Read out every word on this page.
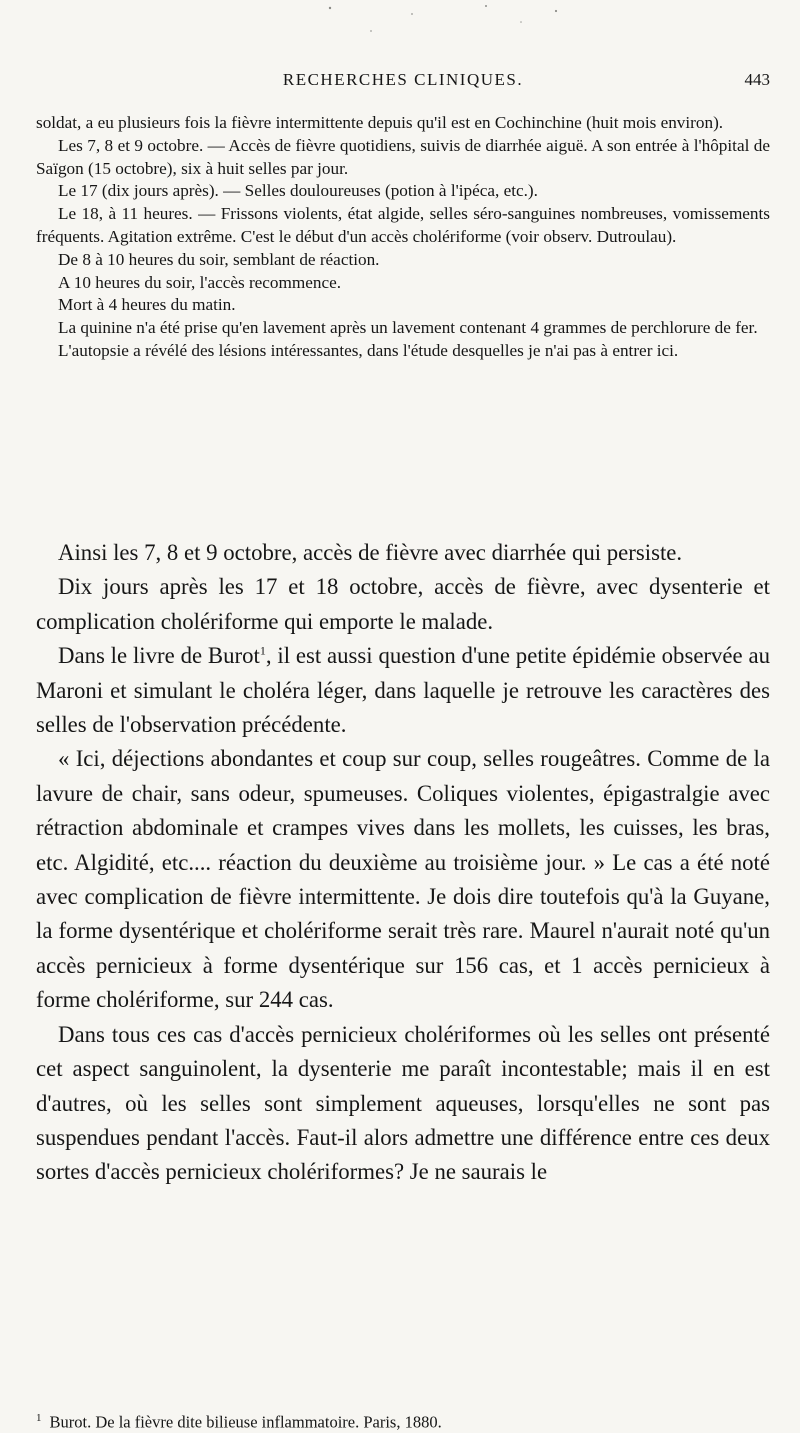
RECHERCHES CLINIQUES.	443

soldat, a eu plusieurs fois la fièvre intermittente depuis qu'il est en Cochinchine (huit mois environ).

Les 7, 8 et 9 octobre. — Accès de fièvre quotidiens, suivis de diarrhée aiguë. A son entrée à l'hôpital de Saïgon (15 octobre), six à huit selles par jour.

Le 17 (dix jours après). — Selles douloureuses (potion à l'ipéca, etc.).

Le 18, à 11 heures. — Frissons violents, état algide, selles séro-sanguines nombreuses, vomissements fréquents. Agitation extrême. C'est le début d'un accès cholériforme (voir observ. Dutroulau).

De 8 à 10 heures du soir, semblant de réaction.

A 10 heures du soir, l'accès recommence.

Mort à 4 heures du matin.

La quinine n'a été prise qu'en lavement après un lavement contenant 4 grammes de perchlorure de fer.

L'autopsie a révélé des lésions intéressantes, dans l'étude desquelles je n'ai pas à entrer ici.

Ainsi les 7, 8 et 9 octobre, accès de fièvre avec diarrhée qui persiste.

Dix jours après les 17 et 18 octobre, accès de fièvre, avec dysenterie et complication cholériforme qui emporte le malade.

Dans le livre de Burot$^1$, il est aussi question d'une petite épidémie observée au Maroni et simulant le choléra léger, dans laquelle je retrouve les caractères des selles de l'observation précédente.

« Ici, déjections abondantes et coup sur coup, selles rougeâtres. Comme de la lavure de chair, sans odeur, spumeuses. Coliques violentes, épigastralgie avec rétraction abdominale et crampes vives dans les mollets, les cuisses, les bras, etc. Algidité, etc.... réaction du deuxième au troisième jour. » Le cas a été noté avec complication de fièvre intermittente. Je dois dire toutefois qu'à la Guyane, la forme dysentérique et cholériforme serait très rare. Maurel n'aurait noté qu'un accès pernicieux à forme dysentérique sur 156 cas, et 1 accès pernicieux à forme cholériforme, sur 244 cas.

Dans tous ces cas d'accès pernicieux cholériformes où les selles ont présenté cet aspect sanguinolent, la dysenterie me paraît incontestable; mais il en est d'autres, où les selles sont simplement aqueuses, lorsqu'elles ne sont pas suspendues pendant l'accès. Faut-il alors admettre une différence entre ces deux sortes d'accès pernicieux cholériformes? Je ne saurais le

$^1$ Burot. De la fièvre dite bilieuse inflammatoire. Paris, 1880.
